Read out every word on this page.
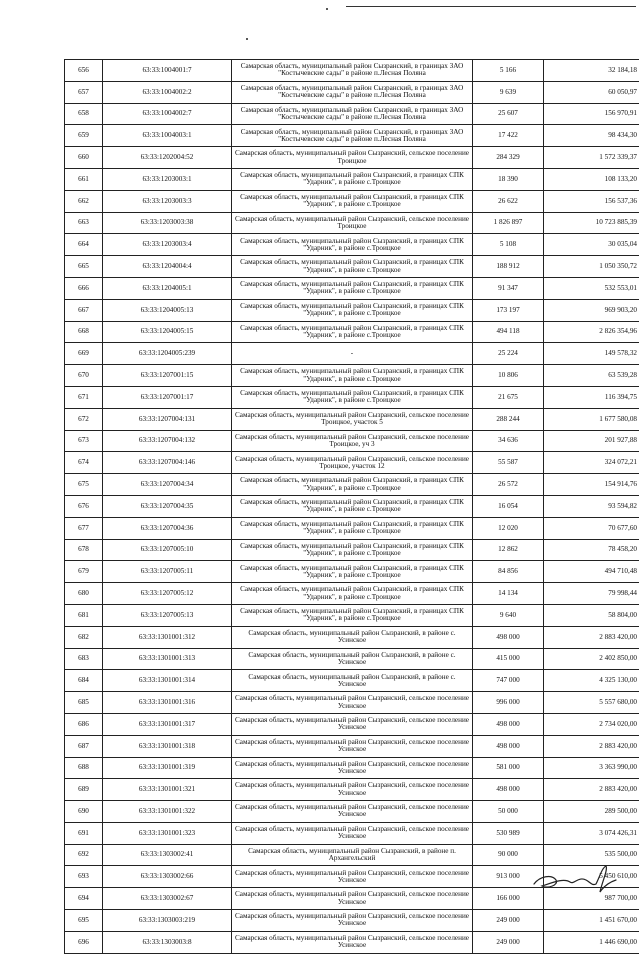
656	63:33:1004001:7	Самарская область, муниципальный район Сызранский, в границах ЗАО "Костычевские сады" в районе п.Лесная Поляна	5 166	32 184,18
657	63:33:1004002:2	Самарская область, муниципальный район Сызранский, в границах ЗАО "Костычевские сады" в районе п.Лесная Поляна	9 639	60 050,97
658	63:33:1004002:7	Самарская область, муниципальный район Сызранский, в границах ЗАО "Костычевские сады" в районе п.Лесная Поляна	25 607	156 970,91
659	63:33:1004003:1	Самарская область, муниципальный район Сызранский, в границах ЗАО "Костычевские сады" в районе п.Лесная Поляна	17 422	98 434,30
660	63:33:1202004:52	Самарская область, муниципальный район Сызранский, сельское поселение Троицкое	284 329	1 572 339,37
661	63:33:1203003:1	Самарская область, муниципальный район Сызранский, в границах СПК "Ударник", в районе с.Троицкое	18 390	108 133,20
662	63:33:1203003:3	Самарская область, муниципальный район Сызранский, в границах СПК "Ударник", в районе с.Троицкое	26 622	156 537,36
663	63:33:1203003:38	Самарская область, муниципальный район Сызранский, сельское поселение Троицкое	1 826 897	10 723 885,39
664	63:33:1203003:4	Самарская область, муниципальный район Сызранский, в границах СПК "Ударник", в районе с.Троицкое	5 108	30 035,04
665	63:33:1204004:4	Самарская область, муниципальный район Сызранский, в границах СПК "Ударник", в районе с.Троицкое	188 912	1 050 350,72
666	63:33:1204005:1	Самарская область, муниципальный район Сызранский, в границах СПК "Ударник", в районе с.Троицкое	91 347	532 553,01
667	63:33:1204005:13	Самарская область, муниципальный район Сызранский, в границах СПК "Ударник", в районе с.Троицкое	173 197	969 903,20
668	63:33:1204005:15	Самарская область, муниципальный район Сызранский, в границах СПК "Ударник", в районе с.Троицкое	494 118	2 826 354,96
669	63:33:1204005:239	-	25 224	149 578,32
670	63:33:1207001:15	Самарская область, муниципальный район Сызранский, в границах СПК "Ударник", в районе с.Троицкое	10 806	63 539,28
671	63:33:1207001:17	Самарская область, муниципальный район Сызранский, в границах СПК "Ударник", в районе с.Троицкое	21 675	116 394,75
672	63:33:1207004:131	Самарская область, муниципальный район Сызранский, сельское поселение Троицкое, участок 5	288 244	1 677 580,08
673	63:33:1207004:132	Самарская область, муниципальный район Сызранский, сельское поселение Троицкое, уч 3	34 636	201 927,88
674	63:33:1207004:146	Самарская область, муниципальный район Сызранский, сельское поселение Троицкое, участок 12	55 587	324 072,21
675	63:33:1207004:34	Самарская область, муниципальный район Сызранский, в границах СПК "Ударник", в районе с.Троицкое	26 572	154 914,76
676	63:33:1207004:35	Самарская область, муниципальный район Сызранский, в границах СПК "Ударник", в районе с.Троицкое	16 054	93 594,82
677	63:33:1207004:36	Самарская область, муниципальный район Сызранский, в границах СПК "Ударник", в районе с.Троицкое	12 020	70 677,60
678	63:33:1207005:10	Самарская область, муниципальный район Сызранский, в границах СПК "Ударник", в районе с.Троицкое	12 862	78 458,20
679	63:33:1207005:11	Самарская область, муниципальный район Сызранский, в границах СПК "Ударник", в районе с.Троицкое	84 856	494 710,48
680	63:33:1207005:12	Самарская область, муниципальный район Сызранский, в границах СПК "Ударник", в районе с.Троицкое	14 134	79 998,44
681	63:33:1207005:13	Самарская область, муниципальный район Сызранский, в границах СПК "Ударник", в районе с.Троицкое	9 640	58 804,00
682	63:33:1301001:312	Самарская область, муниципальный район Сызранский, в районе с. Усинское	498 000	2 883 420,00
683	63:33:1301001:313	Самарская область, муниципальный район Сызранский, в районе с. Усинское	415 000	2 402 850,00
684	63:33:1301001:314	Самарская область, муниципальный район Сызранский, в районе с. Усинское	747 000	4 325 130,00
685	63:33:1301001:316	Самарская область, муниципальный район Сызранский, сельское поселение Усинское	996 000	5 557 680,00
686	63:33:1301001:317	Самарская область, муниципальный район Сызранский, сельское поселение Усинское	498 000	2 734 020,00
687	63:33:1301001:318	Самарская область, муниципальный район Сызранский, сельское поселение Усинское	498 000	2 883 420,00
688	63:33:1301001:319	Самарская область, муниципальный район Сызранский, сельское поселение Усинское	581 000	3 363 990,00
689	63:33:1301001:321	Самарская область, муниципальный район Сызранский, сельское поселение Усинское	498 000	2 883 420,00
690	63:33:1301001:322	Самарская область, муниципальный район Сызранский, сельское поселение Усинское	50 000	289 500,00
691	63:33:1301001:323	Самарская область, муниципальный район Сызранский, сельское поселение Усинское	530 989	3 074 426,31
692	63:33:1303002:41	Самарская область, муниципальный район Сызранский, в районе п. Архангельский	90 000	535 500,00
693	63:33:1303002:66	Самарская область, муниципальный район Сызранский, сельское поселение Усинское	913 000	5 450 610,00
694	63:33:1303002:67	Самарская область, муниципальный район Сызранский, сельское поселение Усинское	166 000	987 700,00
695	63:33:1303003:219	Самарская область, муниципальный район Сызранский, сельское поселение Усинское	249 000	1 451 670,00
696	63:33:1303003:8	Самарская область, муниципальный район Сызранский, сельское поселение Усинское	249 000	1 446 690,00
